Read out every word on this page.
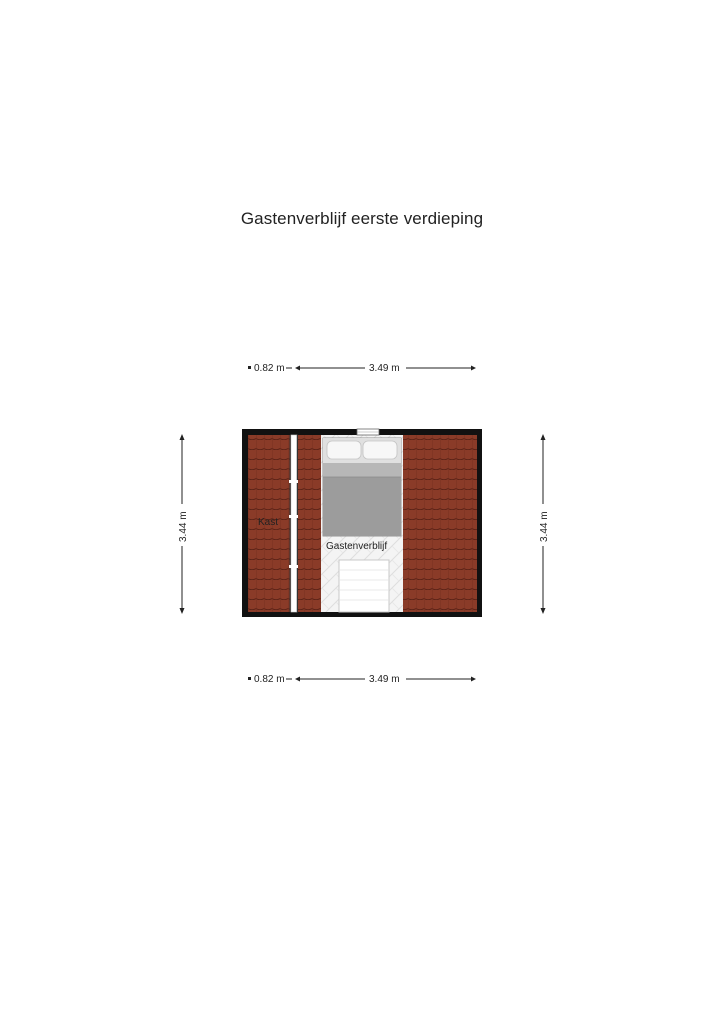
Gastenverblijf eerste verdieping
0.82 m	3.49 m
0.82 m	3.49 m
3.44 m	3.44 m
Kast
Gastenverblijf
